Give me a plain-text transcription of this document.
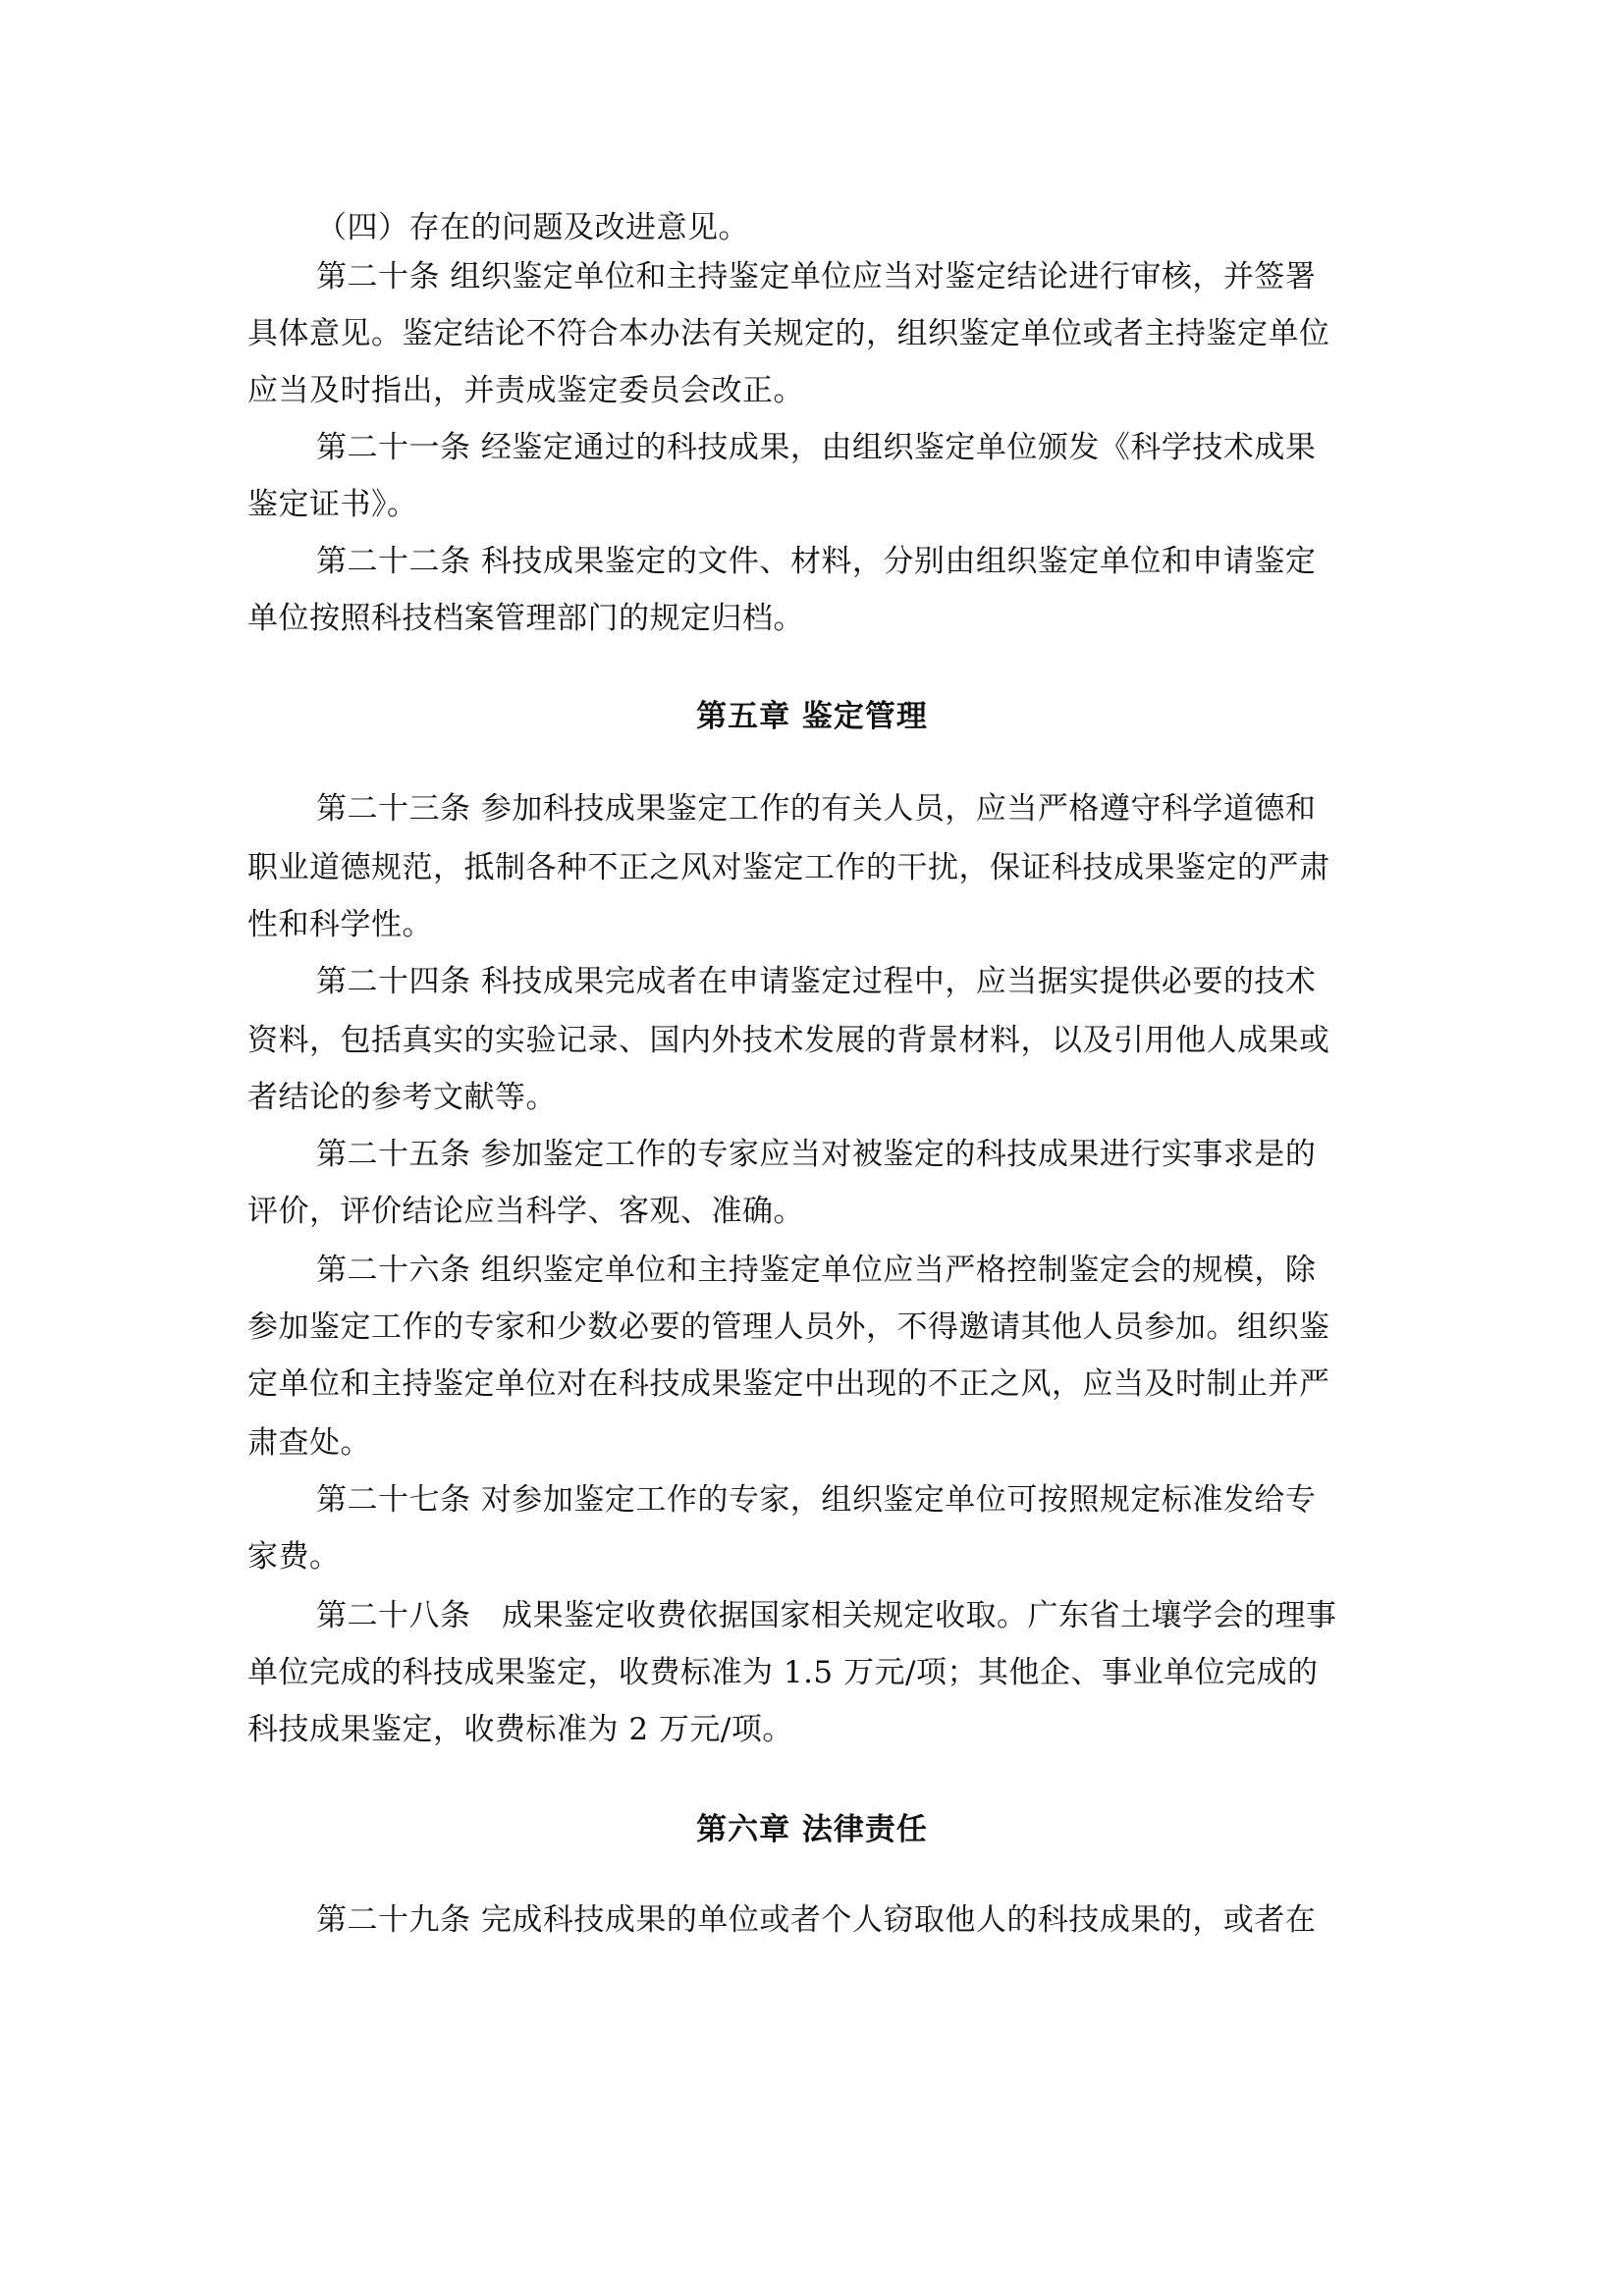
（四）存在的问题及改进意见。
第二十条 组织鉴定单位和主持鉴定单位应当对鉴定结论进行审核，并签署
具体意见。鉴定结论不符合本办法有关规定的，组织鉴定单位或者主持鉴定单位
应当及时指出，并责成鉴定委员会改正。
第二十一条 经鉴定通过的科技成果，由组织鉴定单位颁发《科学技术成果
鉴定证书》。
第二十二条 科技成果鉴定的文件、材料，分别由组织鉴定单位和申请鉴定
单位按照科技档案管理部门的规定归档。
第五章 鉴定管理
第二十三条 参加科技成果鉴定工作的有关人员，应当严格遵守科学道德和
职业道德规范，抵制各种不正之风对鉴定工作的干扰，保证科技成果鉴定的严肃
性和科学性。
第二十四条 科技成果完成者在申请鉴定过程中，应当据实提供必要的技术
资料，包括真实的实验记录、国内外技术发展的背景材料，以及引用他人成果或
者结论的参考文献等。
第二十五条 参加鉴定工作的专家应当对被鉴定的科技成果进行实事求是的
评价，评价结论应当科学、客观、准确。
第二十六条 组织鉴定单位和主持鉴定单位应当严格控制鉴定会的规模，除
参加鉴定工作的专家和少数必要的管理人员外，不得邀请其他人员参加。组织鉴
定单位和主持鉴定单位对在科技成果鉴定中出现的不正之风，应当及时制止并严
肃查处。
第二十七条 对参加鉴定工作的专家，组织鉴定单位可按照规定标准发给专
家费。
第二十八条　成果鉴定收费依据国家相关规定收取。广东省土壤学会的理事
单位完成的科技成果鉴定，收费标准为 1.5 万元/项；其他企、事业单位完成的
科技成果鉴定，收费标准为 2 万元/项。
第六章 法律责任
第二十九条 完成科技成果的单位或者个人窃取他人的科技成果的，或者在
